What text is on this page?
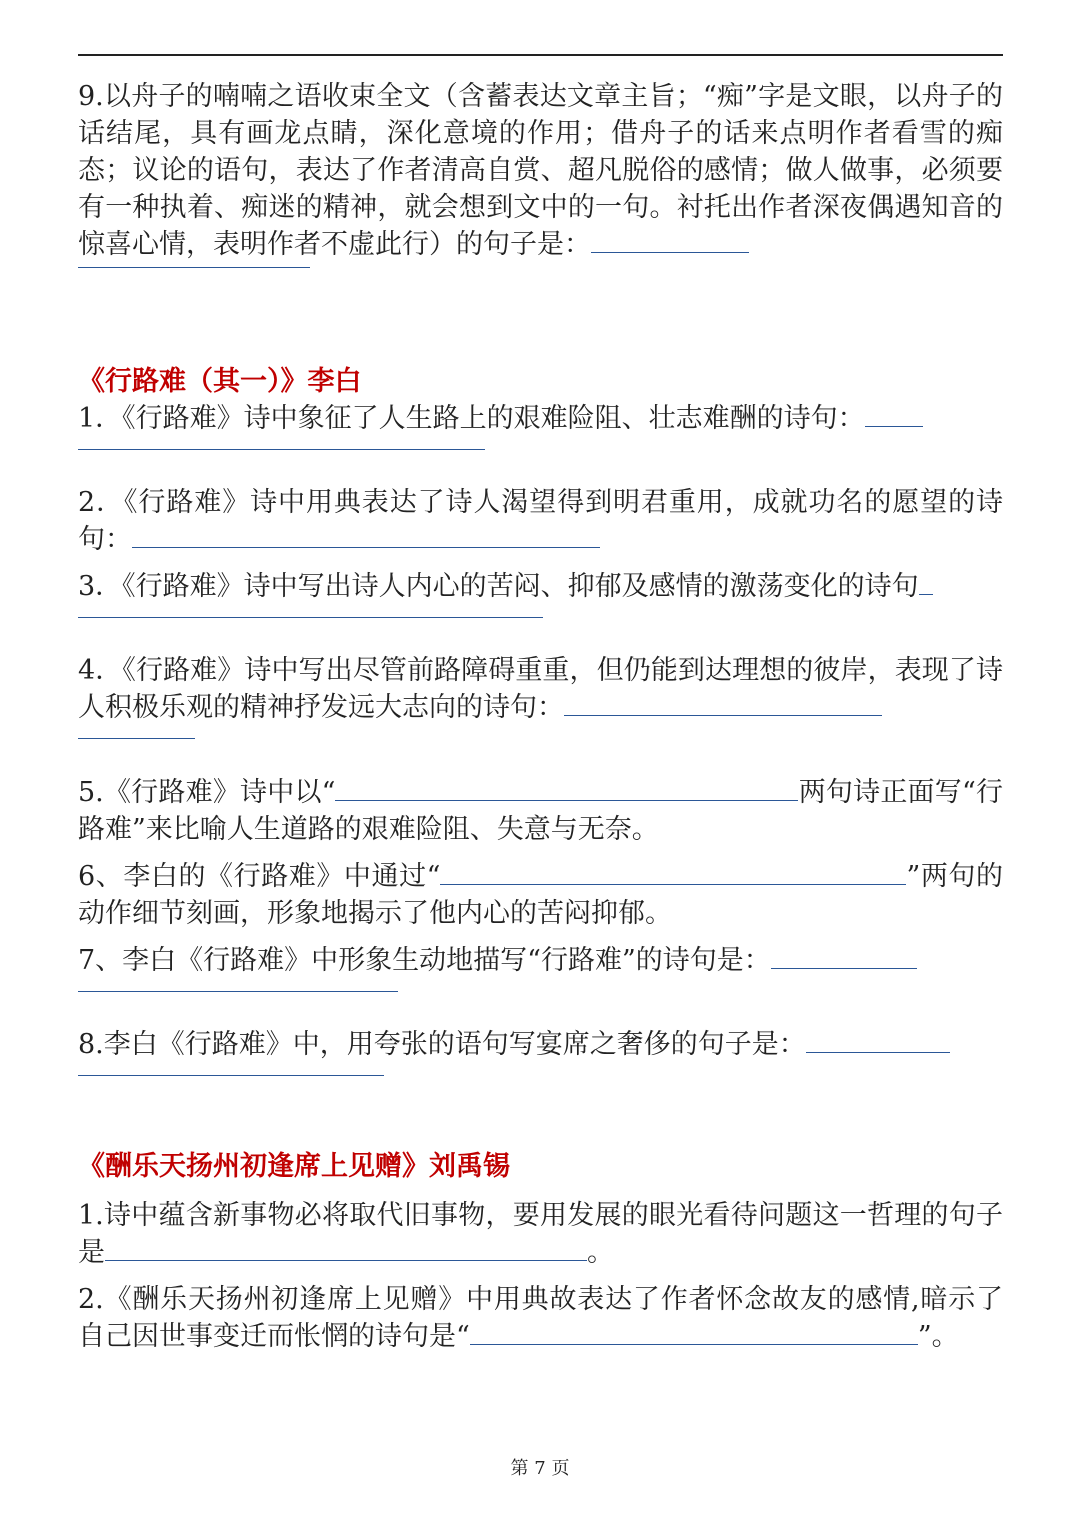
9.以舟子的喃喃之语收束全文（含蓄表达文章主旨；“痴”字是文眼，以舟子的话结尾，具有画龙点睛，深化意境的作用；借舟子的话来点明作者看雪的痴态；议论的语句，表达了作者清高自赏、超凡脱俗的感情；做人做事，必须要有一种执着、痴迷的精神，就会想到文中的一句。衬托出作者深夜偶遇知音的惊喜心情，表明作者不虚此行）的句子是：

《行路难（其一）》李白

1．《行路难》诗中象征了人生路上的艰难险阻、壮志难酬的诗句：

2．《行路难》诗中用典表达了诗人渴望得到明君重用，成就功名的愿望的诗句：

3．《行路难》诗中写出诗人内心的苦闷、抑郁及感情的激荡变化的诗句

4．《行路难》诗中写出尽管前路障碍重重，但仍能到达理想的彼岸，表现了诗人积极乐观的精神抒发远大志向的诗句：

5.《行路难》诗中以“	两句诗正面写“行路难”来比喻人生道路的艰难险阻、失意与无奈。

6、李白的《行路难》中通过“	”两句的动作细节刻画，形象地揭示了他内心的苦闷抑郁。

7、李白《行路难》中形象生动地描写“行路难”的诗句是：

8.李白《行路难》中，用夸张的语句写宴席之奢侈的句子是：

《酬乐天扬州初逢席上见赠》刘禹锡

1.诗中蕴含新事物必将取代旧事物，要用发展的眼光看待问题这一哲理的句子是	。

2.《酬乐天扬州初逢席上见赠》中用典故表达了作者怀念故友的感情,暗示了自己因世事变迁而怅惘的诗句是“	”。

第 7 页
